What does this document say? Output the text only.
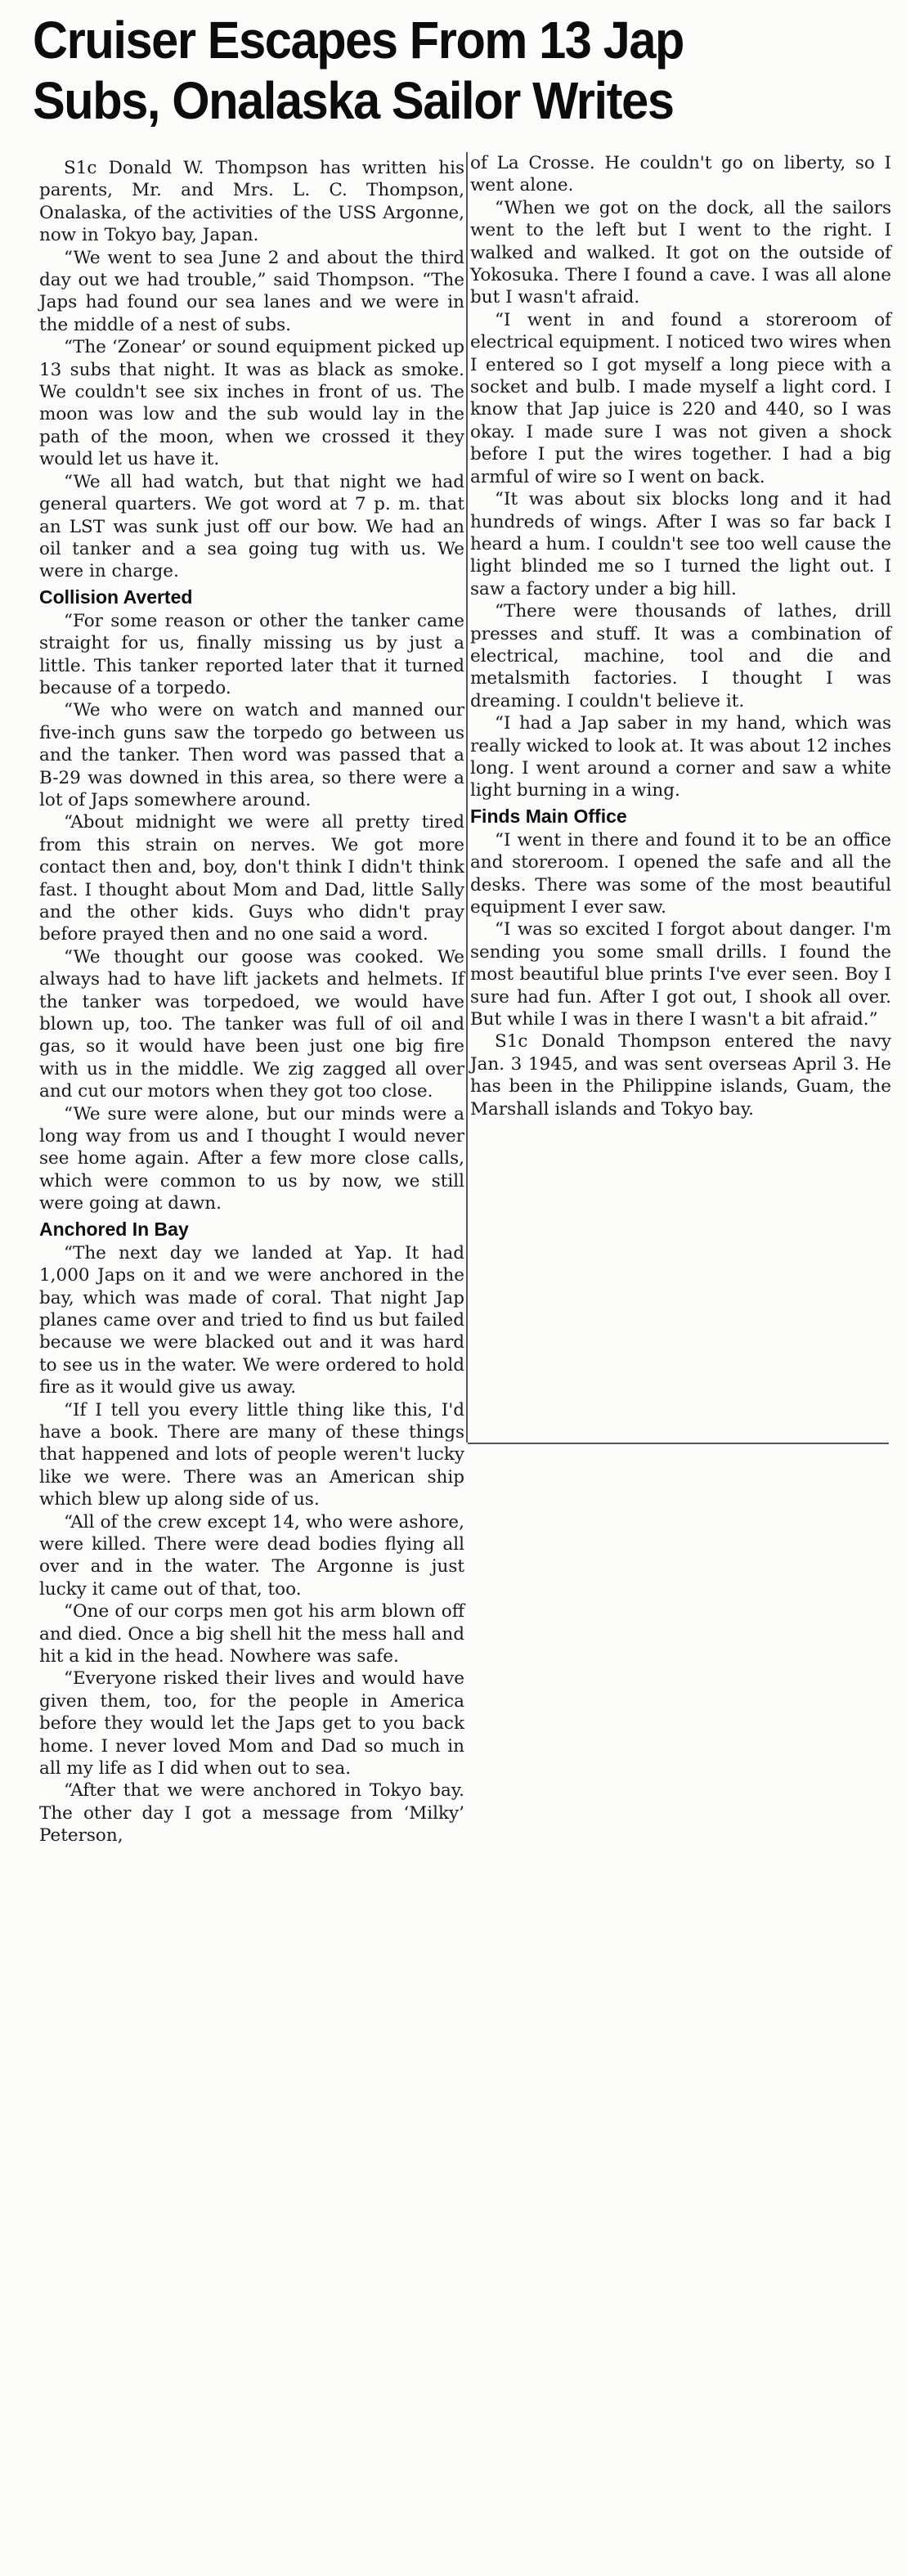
Cruiser Escapes From 13 Jap
Subs, Onalaska Sailor Writes

S1c Donald W. Thompson has written his parents, Mr. and Mrs. L. C. Thompson, Onalaska, of the activities of the USS Argonne, now in Tokyo bay, Japan.

“We went to sea June 2 and about the third day out we had trouble,” said Thompson. “The Japs had found our sea lanes and we were in the middle of a nest of subs.

“The ‘Zonear’ or sound equipment picked up 13 subs that night. It was as black as smoke. We couldn't see six inches in front of us. The moon was low and the sub would lay in the path of the moon, when we crossed it they would let us have it.

“We all had watch, but that night we had general quarters. We got word at 7 p. m. that an LST was sunk just off our bow. We had an oil tanker and a sea going tug with us. We were in charge.

Collision Averted

“For some reason or other the tanker came straight for us, finally missing us by just a little. This tanker reported later that it turned because of a torpedo.

“We who were on watch and manned our five-inch guns saw the torpedo go between us and the tanker. Then word was passed that a B-29 was downed in this area, so there were a lot of Japs somewhere around.

“About midnight we were all pretty tired from this strain on nerves. We got more contact then and, boy, don't think I didn't think fast. I thought about Mom and Dad, little Sally and the other kids. Guys who didn't pray before prayed then and no one said a word.

“We thought our goose was cooked. We always had to have lift jackets and helmets. If the tanker was torpedoed, we would have blown up, too. The tanker was full of oil and gas, so it would have been just one big fire with us in the middle. We zig zagged all over and cut our motors when they got too close.

“We sure were alone, but our minds were a long way from us and I thought I would never see home again. After a few more close calls, which were common to us by now, we still were going at dawn.

Anchored In Bay

“The next day we landed at Yap. It had 1,000 Japs on it and we were anchored in the bay, which was made of coral. That night Jap planes came over and tried to find us but failed because we were blacked out and it was hard to see us in the water. We were ordered to hold fire as it would give us away.

“If I tell you every little thing like this, I'd have a book. There are many of these things that happened and lots of people weren't lucky like we were. There was an American ship which blew up along side of us.

“All of the crew except 14, who were ashore, were killed. There were dead bodies flying all over and in the water. The Argonne is just lucky it came out of that, too.

“One of our corps men got his arm blown off and died. Once a big shell hit the mess hall and hit a kid in the head. Nowhere was safe.

“Everyone risked their lives and would have given them, too, for the people in America before they would let the Japs get to you back home. I never loved Mom and Dad so much in all my life as I did when out to sea.

“After that we were anchored in Tokyo bay. The other day I got a message from ‘Milky’ Peterson,

of La Crosse. He couldn't go on liberty, so I went alone.

“When we got on the dock, all the sailors went to the left but I went to the right. I walked and walked. It got on the outside of Yokosuka. There I found a cave. I was all alone but I wasn't afraid.

“I went in and found a storeroom of electrical equipment. I noticed two wires when I entered so I got myself a long piece with a socket and bulb. I made myself a light cord. I know that Jap juice is 220 and 440, so I was okay. I made sure I was not given a shock before I put the wires together. I had a big armful of wire so I went on back.

“It was about six blocks long and it had hundreds of wings. After I was so far back I heard a hum. I couldn't see too well cause the light blinded me so I turned the light out. I saw a factory under a big hill.

“There were thousands of lathes, drill presses and stuff. It was a combination of electrical, machine, tool and die and metalsmith factories. I thought I was dreaming. I couldn't believe it.

“I had a Jap saber in my hand, which was really wicked to look at. It was about 12 inches long. I went around a corner and saw a white light burning in a wing.

Finds Main Office

“I went in there and found it to be an office and storeroom. I opened the safe and all the desks. There was some of the most beautiful equipment I ever saw.

“I was so excited I forgot about danger. I'm sending you some small drills. I found the most beautiful blue prints I've ever seen. Boy I sure had fun. After I got out, I shook all over. But while I was in there I wasn't a bit afraid.”

S1c Donald Thompson entered the navy Jan. 3 1945, and was sent overseas April 3. He has been in the Philippine islands, Guam, the Marshall islands and Tokyo bay.
